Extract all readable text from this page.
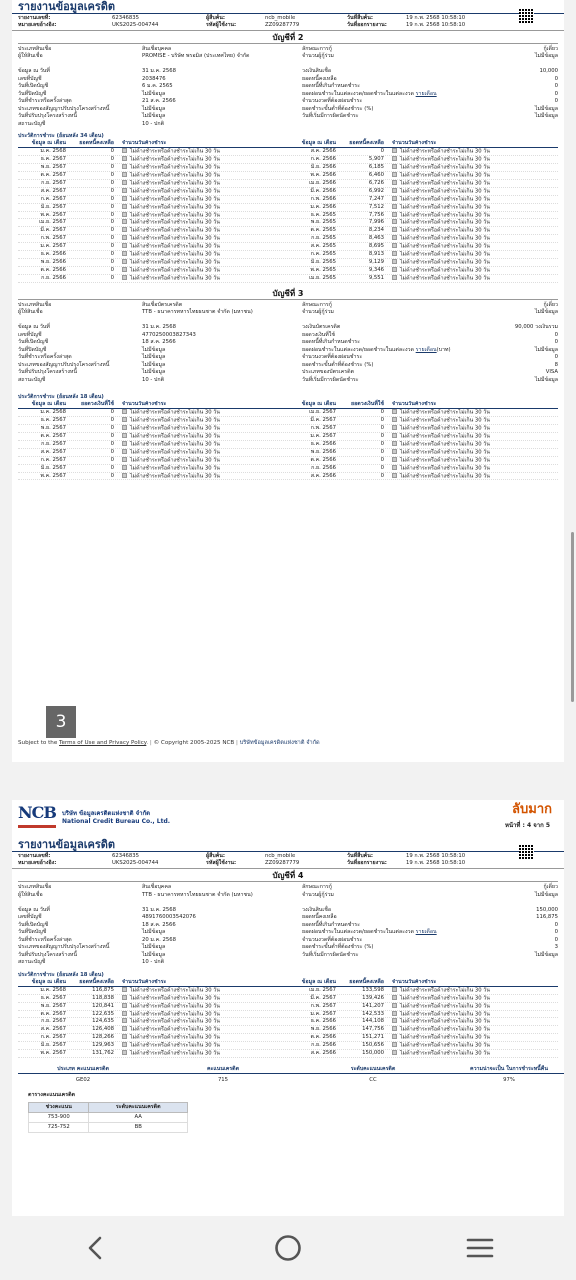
รายงานข้อมูลเครดิต
รายงานเลขที่:	62346835	ผู้สืบค้น:	ncb_mobile	วันที่สืบค้น:	19 ก.พ. 2568 10:58:10
หมายเลขอ้างอิง:	UKS2025-004744	รหัสผู้ใช้งาน:	ZZ09287779	วันที่ออกรายงาน:	19 ก.พ. 2568 10:58:10
บัญชีที่ 2
ประเภทสินเชื่อ	สินเชื่อบุคคล	ลักษณะการกู้	กู้เดี่ยว
ผู้ให้สินเชื่อ	PROMISE - บริษัท พรอมิส (ประเทศไทย) จำกัด	จำนวนผู้กู้ร่วม	ไม่มีข้อมูล
ข้อมูล ณ วันที่	31 ม.ค. 2568	วงเงินสินเชื่อ	10,000
เลขที่บัญชี	2038476	ยอดหนี้คงเหลือ	0
วันที่เปิดบัญชี	6 ม.ค. 2565	ยอดหนี้ที่เกินกำหนดชำระ	0
วันที่ปิดบัญชี	ไม่มีข้อมูล	ยอดผ่อนชำระในแต่ละงวด/ยอดชำระในแต่ละงวด รายเดือน	0
วันที่ชำระหรือครั้งล่าสุด	21 ส.ค. 2566	จำนวนงวดที่ต้องผ่อนชำระ	0
ประเภทของสัญญาปรับปรุงโครงสร้างหนี้	ไม่มีข้อมูล	ยอดชำระขั้นต่ำที่ต้องชำระ (%)	ไม่มีข้อมูล
วันที่ปรับปรุงโครงสร้างหนี้	ไม่มีข้อมูล	วันที่เริ่มมีการผิดนัดชำระ	ไม่มีข้อมูล
สถานะบัญชี	10 - ปกติ
ประวัติการชำระ (ย้อนหลัง 34 เดือน)
ข้อมูล ณ เดือน	ยอดหนี้คงเหลือ	จำนวนวันค้างชำระ	ข้อมูล ณ เดือน	ยอดหนี้คงเหลือ	จำนวนวันค้างชำระ
ม.ค. 2568	0	ไม่ค้างชำระหรือค้างชำระไม่เกิน 30 วัน	ส.ค. 2566	0	ไม่ค้างชำระหรือค้างชำระไม่เกิน 30 วัน
ธ.ค. 2567	0	ไม่ค้างชำระหรือค้างชำระไม่เกิน 30 วัน	ก.ค. 2566	5,907	ไม่ค้างชำระหรือค้างชำระไม่เกิน 30 วัน
พ.ย. 2567	0	ไม่ค้างชำระหรือค้างชำระไม่เกิน 30 วัน	มิ.ย. 2566	6,185	ไม่ค้างชำระหรือค้างชำระไม่เกิน 30 วัน
ต.ค. 2567	0	ไม่ค้างชำระหรือค้างชำระไม่เกิน 30 วัน	พ.ค. 2566	6,460	ไม่ค้างชำระหรือค้างชำระไม่เกิน 30 วัน
ก.ย. 2567	0	ไม่ค้างชำระหรือค้างชำระไม่เกิน 30 วัน	เม.ย. 2566	6,726	ไม่ค้างชำระหรือค้างชำระไม่เกิน 30 วัน
ส.ค. 2567	0	ไม่ค้างชำระหรือค้างชำระไม่เกิน 30 วัน	มี.ค. 2566	6,992	ไม่ค้างชำระหรือค้างชำระไม่เกิน 30 วัน
ก.ค. 2567	0	ไม่ค้างชำระหรือค้างชำระไม่เกิน 30 วัน	ก.พ. 2566	7,247	ไม่ค้างชำระหรือค้างชำระไม่เกิน 30 วัน
มิ.ย. 2567	0	ไม่ค้างชำระหรือค้างชำระไม่เกิน 30 วัน	ม.ค. 2566	7,512	ไม่ค้างชำระหรือค้างชำระไม่เกิน 30 วัน
พ.ค. 2567	0	ไม่ค้างชำระหรือค้างชำระไม่เกิน 30 วัน	ธ.ค. 2565	7,756	ไม่ค้างชำระหรือค้างชำระไม่เกิน 30 วัน
เม.ย. 2567	0	ไม่ค้างชำระหรือค้างชำระไม่เกิน 30 วัน	พ.ย. 2565	7,996	ไม่ค้างชำระหรือค้างชำระไม่เกิน 30 วัน
มี.ค. 2567	0	ไม่ค้างชำระหรือค้างชำระไม่เกิน 30 วัน	ต.ค. 2565	8,234	ไม่ค้างชำระหรือค้างชำระไม่เกิน 30 วัน
ก.พ. 2567	0	ไม่ค้างชำระหรือค้างชำระไม่เกิน 30 วัน	ก.ย. 2565	8,463	ไม่ค้างชำระหรือค้างชำระไม่เกิน 30 วัน
ม.ค. 2567	0	ไม่ค้างชำระหรือค้างชำระไม่เกิน 30 วัน	ส.ค. 2565	8,695	ไม่ค้างชำระหรือค้างชำระไม่เกิน 30 วัน
ธ.ค. 2566	0	ไม่ค้างชำระหรือค้างชำระไม่เกิน 30 วัน	ก.ค. 2565	8,913	ไม่ค้างชำระหรือค้างชำระไม่เกิน 30 วัน
พ.ย. 2566	0	ไม่ค้างชำระหรือค้างชำระไม่เกิน 30 วัน	มิ.ย. 2565	9,129	ไม่ค้างชำระหรือค้างชำระไม่เกิน 30 วัน
ต.ค. 2566	0	ไม่ค้างชำระหรือค้างชำระไม่เกิน 30 วัน	พ.ค. 2565	9,346	ไม่ค้างชำระหรือค้างชำระไม่เกิน 30 วัน
ก.ย. 2566	0	ไม่ค้างชำระหรือค้างชำระไม่เกิน 30 วัน	เม.ย. 2565	9,551	ไม่ค้างชำระหรือค้างชำระไม่เกิน 30 วัน
บัญชีที่ 3
ประเภทสินเชื่อ	สินเชื่อบัตรเครดิต	ลักษณะการกู้	กู้เดี่ยว
ผู้ให้สินเชื่อ	TTB - ธนาคารทหารไทยธนชาต จำกัด (มหาชน)	จำนวนผู้กู้ร่วม	ไม่มีข้อมูล
ข้อมูล ณ วันที่	31 ม.ค. 2568	วงเงินบัตรเครดิต	90,000 วงเงินรวม
เลขที่บัญชี	4770250003827343	ยอดวงเงินที่ใช้	0
วันที่เปิดบัญชี	18 ส.ค. 2566	ยอดหนี้ที่เกินกำหนดชำระ	0
วันที่ปิดบัญชี	ไม่มีข้อมูล	ยอดผ่อนชำระในแต่ละงวด/ยอดชำระในแต่ละงวด รายเดือน(บาท)	ไม่มีข้อมูล
วันที่ชำระหรือครั้งล่าสุด	ไม่มีข้อมูล	จำนวนงวดที่ต้องผ่อนชำระ	0
ประเภทของสัญญาปรับปรุงโครงสร้างหนี้	ไม่มีข้อมูล	ยอดชำระขั้นต่ำที่ต้องชำระ (%)	8
วันที่ปรับปรุงโครงสร้างหนี้	ไม่มีข้อมูล	ประเภทของบัตรเครดิต	VISA
สถานะบัญชี	10 - ปกติ	วันที่เริ่มมีการผิดนัดชำระ	ไม่มีข้อมูล
ประวัติการชำระ (ย้อนหลัง 18 เดือน)
ข้อมูล ณ เดือน	ยอดวงเงินที่ใช้	จำนวนวันค้างชำระ	ข้อมูล ณ เดือน	ยอดวงเงินที่ใช้	จำนวนวันค้างชำระ
ม.ค. 2568	0	ไม่ค้างชำระหรือค้างชำระไม่เกิน 30 วัน	เม.ย. 2567	0	ไม่ค้างชำระหรือค้างชำระไม่เกิน 30 วัน
ธ.ค. 2567	0	ไม่ค้างชำระหรือค้างชำระไม่เกิน 30 วัน	มี.ค. 2567	0	ไม่ค้างชำระหรือค้างชำระไม่เกิน 30 วัน
พ.ย. 2567	0	ไม่ค้างชำระหรือค้างชำระไม่เกิน 30 วัน	ก.พ. 2567	0	ไม่ค้างชำระหรือค้างชำระไม่เกิน 30 วัน
ต.ค. 2567	0	ไม่ค้างชำระหรือค้างชำระไม่เกิน 30 วัน	ม.ค. 2567	0	ไม่ค้างชำระหรือค้างชำระไม่เกิน 30 วัน
ก.ย. 2567	0	ไม่ค้างชำระหรือค้างชำระไม่เกิน 30 วัน	ธ.ค. 2566	0	ไม่ค้างชำระหรือค้างชำระไม่เกิน 30 วัน
ส.ค. 2567	0	ไม่ค้างชำระหรือค้างชำระไม่เกิน 30 วัน	พ.ย. 2566	0	ไม่ค้างชำระหรือค้างชำระไม่เกิน 30 วัน
ก.ค. 2567	0	ไม่ค้างชำระหรือค้างชำระไม่เกิน 30 วัน	ต.ค. 2566	0	ไม่ค้างชำระหรือค้างชำระไม่เกิน 30 วัน
มิ.ย. 2567	0	ไม่ค้างชำระหรือค้างชำระไม่เกิน 30 วัน	ก.ย. 2566	0	ไม่ค้างชำระหรือค้างชำระไม่เกิน 30 วัน
พ.ค. 2567	0	ไม่ค้างชำระหรือค้างชำระไม่เกิน 30 วัน	ส.ค. 2566	0	ไม่ค้างชำระหรือค้างชำระไม่เกิน 30 วัน
3
Subject to the Terms of Use and Privacy Policy. | © Copyright 2005-2025 NCB | บริษัทข้อมูลเครดิตแห่งชาติ จำกัด
NCB บริษัท ข้อมูลเครดิตแห่งชาติ จำกัด
National Credit Bureau Co., Ltd.
ลับมาก
หน้าที่ : 4 จาก 5
รายงานข้อมูลเครดิต
รายงานเลขที่:	62346835	ผู้สืบค้น:	ncb_mobile	วันที่สืบค้น:	19 ก.พ. 2568 10:58:10
หมายเลขอ้างอิง:	UKS2025-004744	รหัสผู้ใช้งาน:	ZZ09287779	วันที่ออกรายงาน:	19 ก.พ. 2568 10:58:10
บัญชีที่ 4
ประเภทสินเชื่อ	สินเชื่อบุคคล	ลักษณะการกู้	กู้เดี่ยว
ผู้ให้สินเชื่อ	TTB - ธนาคารทหารไทยธนชาต จำกัด (มหาชน)	จำนวนผู้กู้ร่วม	ไม่มีข้อมูล
ข้อมูล ณ วันที่	31 ม.ค. 2568	วงเงินสินเชื่อ	150,000
เลขที่บัญชี	4891760003542076	ยอดหนี้คงเหลือ	116,875
วันที่เปิดบัญชี	18 ส.ค. 2566	ยอดหนี้ที่เกินกำหนดชำระ	0
วันที่ปิดบัญชี	ไม่มีข้อมูล	ยอดผ่อนชำระในแต่ละงวด/ยอดชำระในแต่ละงวด รายเดือน	0
วันที่ชำระหรือครั้งล่าสุด	20 ม.ค. 2568	จำนวนงวดที่ต้องผ่อนชำระ	0
ประเภทของสัญญาปรับปรุงโครงสร้างหนี้	ไม่มีข้อมูล	ยอดชำระขั้นต่ำที่ต้องชำระ (%)	3
วันที่ปรับปรุงโครงสร้างหนี้	ไม่มีข้อมูล	วันที่เริ่มมีการผิดนัดชำระ	ไม่มีข้อมูล
สถานะบัญชี	10 - ปกติ
ประวัติการชำระ (ย้อนหลัง 18 เดือน)
ข้อมูล ณ เดือน	ยอดหนี้คงเหลือ	จำนวนวันค้างชำระ	ข้อมูล ณ เดือน	ยอดหนี้คงเหลือ	จำนวนวันค้างชำระ
ม.ค. 2568	116,875	ไม่ค้างชำระหรือค้างชำระไม่เกิน 30 วัน	เม.ย. 2567	133,598	ไม่ค้างชำระหรือค้างชำระไม่เกิน 30 วัน
ธ.ค. 2567	118,838	ไม่ค้างชำระหรือค้างชำระไม่เกิน 30 วัน	มี.ค. 2567	139,426	ไม่ค้างชำระหรือค้างชำระไม่เกิน 30 วัน
พ.ย. 2567	120,841	ไม่ค้างชำระหรือค้างชำระไม่เกิน 30 วัน	ก.พ. 2567	141,207	ไม่ค้างชำระหรือค้างชำระไม่เกิน 30 วัน
ต.ค. 2567	122,635	ไม่ค้างชำระหรือค้างชำระไม่เกิน 30 วัน	ม.ค. 2567	142,533	ไม่ค้างชำระหรือค้างชำระไม่เกิน 30 วัน
ก.ย. 2567	124,635	ไม่ค้างชำระหรือค้างชำระไม่เกิน 30 วัน	ธ.ค. 2566	144,108	ไม่ค้างชำระหรือค้างชำระไม่เกิน 30 วัน
ส.ค. 2567	126,408	ไม่ค้างชำระหรือค้างชำระไม่เกิน 30 วัน	พ.ย. 2566	147,756	ไม่ค้างชำระหรือค้างชำระไม่เกิน 30 วัน
ก.ค. 2567	128,266	ไม่ค้างชำระหรือค้างชำระไม่เกิน 30 วัน	ต.ค. 2566	151,271	ไม่ค้างชำระหรือค้างชำระไม่เกิน 30 วัน
มิ.ย. 2567	129,963	ไม่ค้างชำระหรือค้างชำระไม่เกิน 30 วัน	ก.ย. 2566	150,656	ไม่ค้างชำระหรือค้างชำระไม่เกิน 30 วัน
พ.ค. 2567	131,762	ไม่ค้างชำระหรือค้างชำระไม่เกิน 30 วัน	ส.ค. 2566	150,000	ไม่ค้างชำระหรือค้างชำระไม่เกิน 30 วัน
ประเภท คะแนนเครดิต	คะแนนเครดิต	ระดับคะแนนเครดิต	ความน่าจะเป็น ในการชำระหนี้คืน
GE02	715	CC	97%
ตารางคะแนนเครดิต
ช่วงคะแนน	ระดับคะแนนเครดิต
753-900	AA
725-752	BB
